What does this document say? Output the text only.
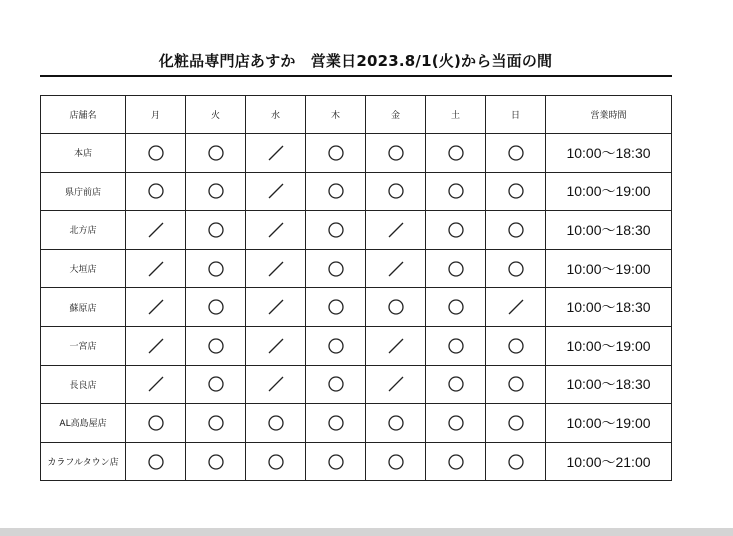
化粧品専門店あすか　営業日2023.8/1(火)から当面の間
店舗名	月	火	水	木	金	土	日	営業時間
本店								10:00〜18:30
県庁前店								10:00〜19:00
北方店								10:00〜18:30
大垣店								10:00〜19:00
蘇原店								10:00〜18:30
一宮店								10:00〜19:00
長良店								10:00〜18:30
AL高島屋店								10:00〜19:00
カラフルタウン店								10:00〜21:00
